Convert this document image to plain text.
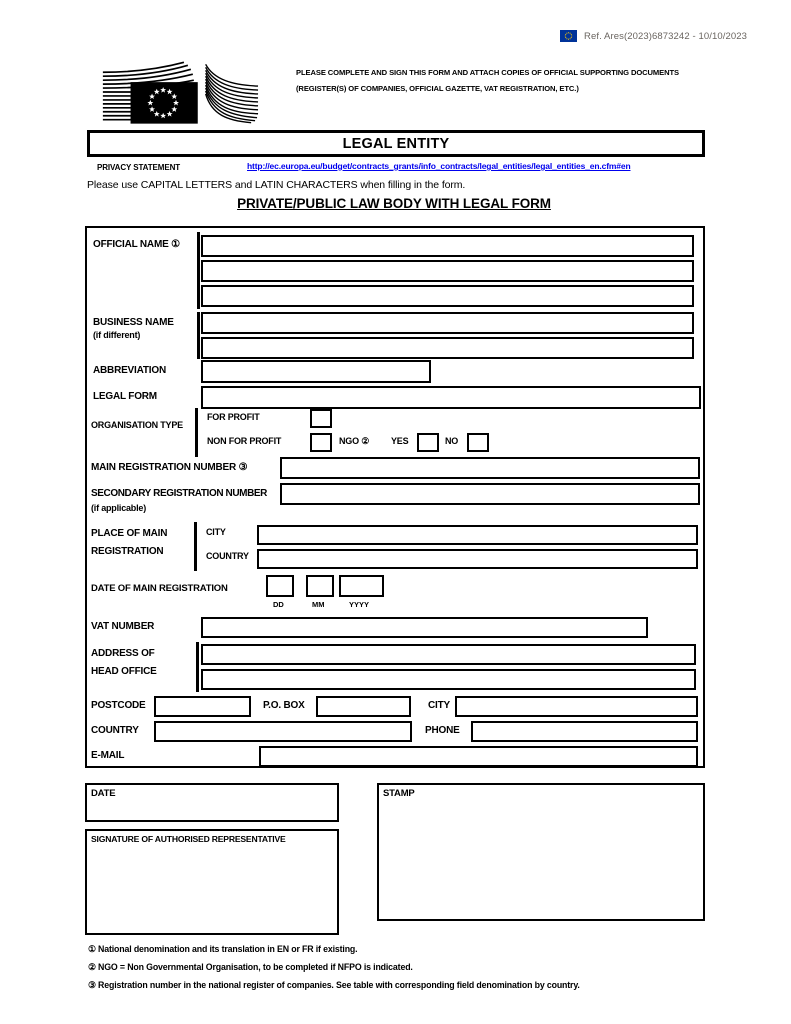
Ref. Ares(2023)6873242 - 10/10/2023
PLEASE COMPLETE AND SIGN THIS FORM AND ATTACH COPIES OF OFFICIAL SUPPORTING DOCUMENTS (REGISTER(S) OF COMPANIES, OFFICIAL GAZETTE, VAT REGISTRATION, ETC.)
LEGAL ENTITY
PRIVACY STATEMENT	http://ec.europa.eu/budget/contracts_grants/info_contracts/legal_entities/legal_entities_en.cfm#en
Please use CAPITAL LETTERS and LATIN CHARACTERS when filling in the form.
PRIVATE/PUBLIC LAW BODY WITH LEGAL FORM
OFFICIAL NAME ①
BUSINESS NAME
(if different)
ABBREVIATION
LEGAL FORM
ORGANISATION TYPE
FOR PROFIT
NON FOR PROFIT	NGO ② YES	NO
MAIN REGISTRATION NUMBER ③
SECONDARY REGISTRATION NUMBER
(if applicable)
PLACE OF MAIN
REGISTRATION
CITY
COUNTRY
DATE OF MAIN REGISTRATION
DD	MM	YYYY
VAT NUMBER
ADDRESS OF
HEAD OFFICE
POSTCODE	P.O. BOX	CITY
COUNTRY	PHONE
E-MAIL
DATE	STAMP
SIGNATURE OF AUTHORISED REPRESENTATIVE
① National denomination and its translation in EN or FR if existing.
② NGO = Non Governmental Organisation, to be completed if NFPO is indicated.
③ Registration number in the national register of companies. See table with corresponding field denomination by country.
